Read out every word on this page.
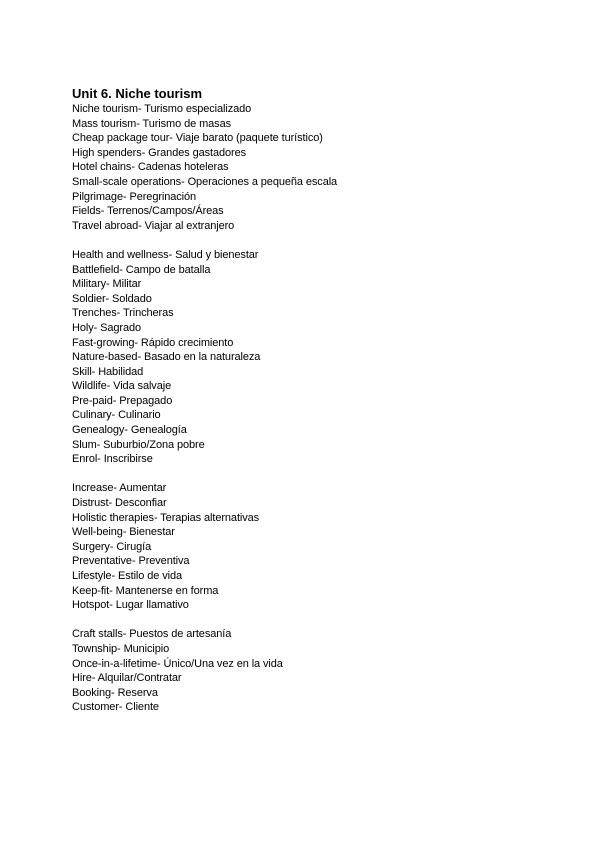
Unit 6. Niche tourism
Niche tourism- Turismo especializado
Mass tourism- Turismo de masas
Cheap package tour- Viaje barato (paquete turístico)
High spenders- Grandes gastadores
Hotel chains- Cadenas hoteleras
Small-scale operations- Operaciones a pequeña escala
Pilgrimage- Peregrinación
Fields- Terrenos/Campos/Áreas
Travel abroad- Viajar al extranjero
Health and wellness- Salud y bienestar
Battlefield- Campo de batalla
Military- Militar
Soldier- Soldado
Trenches- Trincheras
Holy- Sagrado
Fast-growing- Rápido crecimiento
Nature-based- Basado en la naturaleza
Skill- Habilidad
Wildlife- Vida salvaje
Pre-paid- Prepagado
Culinary- Culinario
Genealogy- Genealogía
Slum- Suburbio/Zona pobre
Enrol- Inscribirse
Increase- Aumentar
Distrust- Desconfiar
Holistic therapies- Terapias alternativas
Well-being- Bienestar
Surgery- Cirugía
Preventative- Preventiva
Lifestyle- Estilo de vida
Keep-fit- Mantenerse en forma
Hotspot- Lugar llamativo
Craft stalls- Puestos de artesanía
Township- Municipio
Once-in-a-lifetime- Único/Una vez en la vida
Hire- Alquilar/Contratar
Booking- Reserva
Customer- Cliente
